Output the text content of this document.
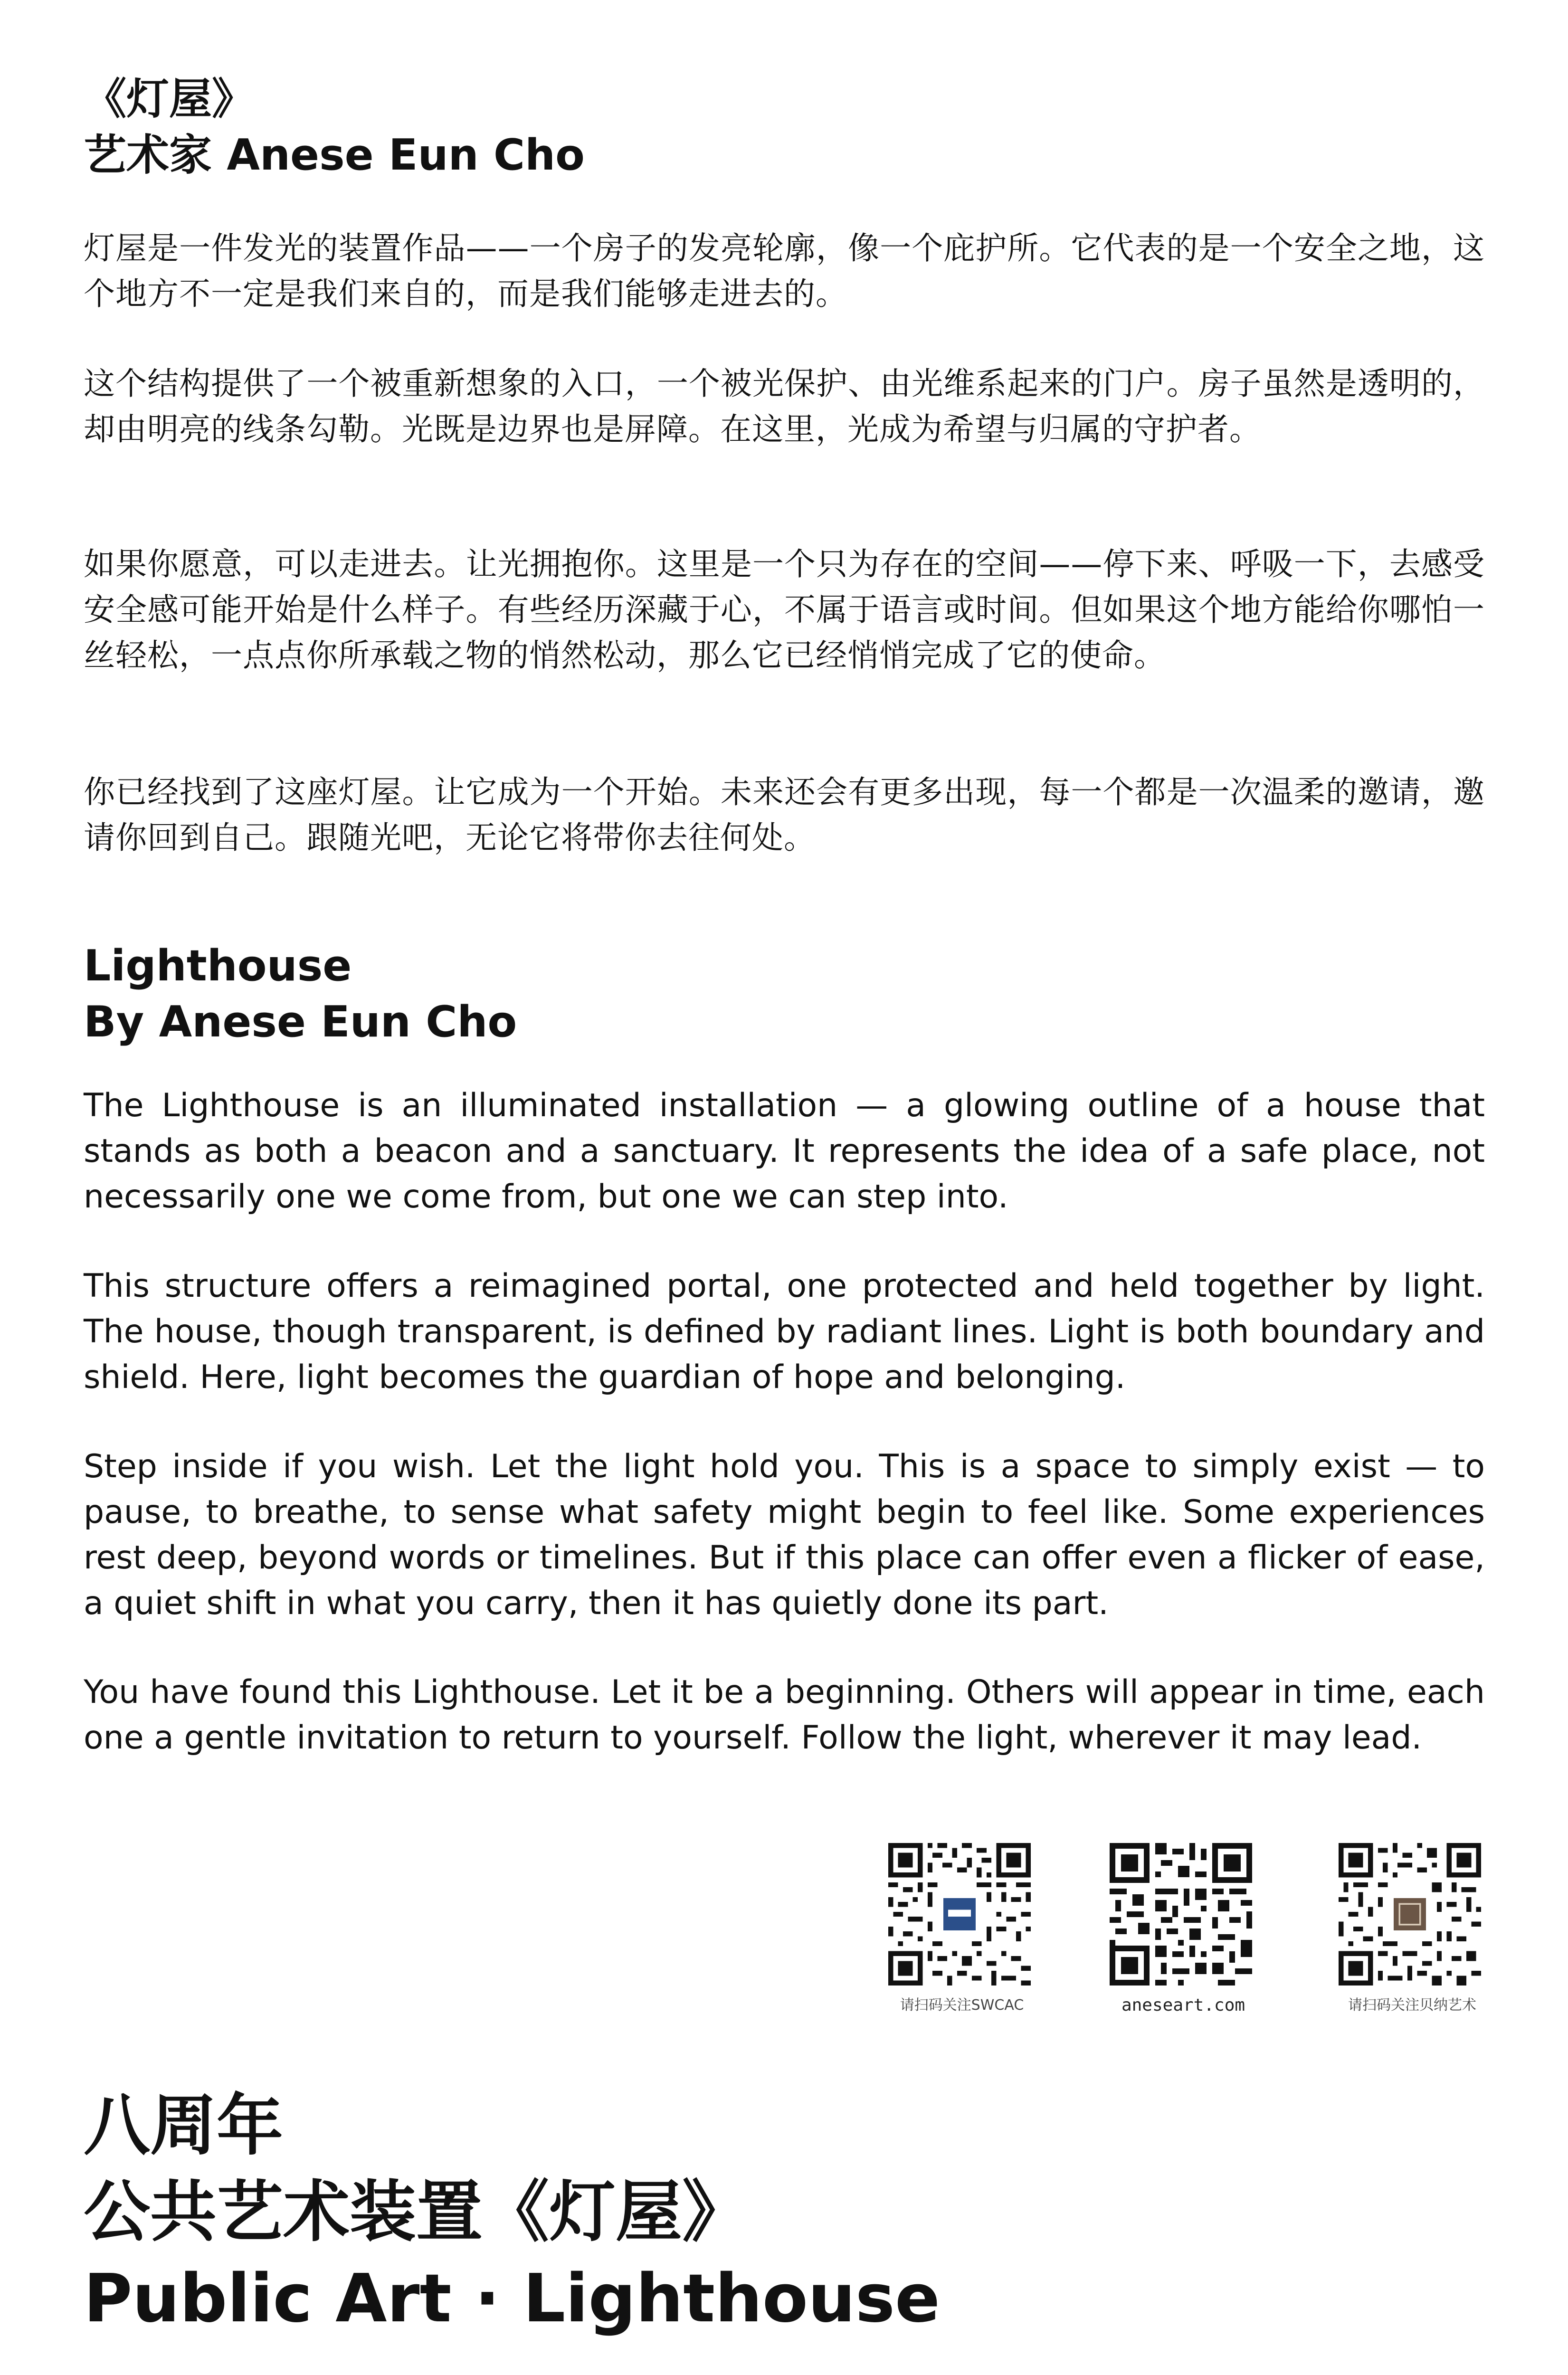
《灯屋》

艺术家 Anese Eun Cho

灯屋是一件发光的装置作品——一个房子的发亮轮廓，像一个庇护所。它代表的是一个安全之地，这个地方不一定是我们来自的，而是我们能够走进去的。

这个结构提供了一个被重新想象的入口，一个被光保护、由光维系起来的门户。房子虽然是透明的，却由明亮的线条勾勒。光既是边界也是屏障。在这里，光成为希望与归属的守护者。

如果你愿意，可以走进去。让光拥抱你。这里是一个只为存在的空间——停下来、呼吸一下，去感受安全感可能开始是什么样子。有些经历深藏于心，不属于语言或时间。但如果这个地方能给你哪怕一丝轻松，一点点你所承载之物的悄然松动，那么它已经悄悄完成了它的使命。

你已经找到了这座灯屋。让它成为一个开始。未来还会有更多出现，每一个都是一次温柔的邀请，邀请你回到自己。跟随光吧，无论它将带你去往何处。

Lighthouse

By Anese Eun Cho

The Lighthouse is an illuminated installation — a glowing outline of a house that stands as both a beacon and a sanctuary. It represents the idea of a safe place, not necessarily one we come from, but one we can step into.

This structure offers a reimagined portal, one protected and held together by light. The house, though transparent, is defined by radiant lines. Light is both boundary and shield. Here, light becomes the guardian of hope and belonging.

Step inside if you wish. Let the light hold you. This is a space to simply exist — to pause, to breathe, to sense what safety might begin to feel like. Some experiences rest deep, beyond words or timelines. But if this place can offer even a flicker of ease, a quiet shift in what you carry, then it has quietly done its part.

You have found this Lighthouse. Let it be a beginning. Others will appear in time, each one a gentle invitation to return to yourself. Follow the light, wherever it may lead.

请扫码关注SWCAC	aneseart.com	请扫码关注贝纳艺术

八周年

公共艺术装置《灯屋》

Public Art · Lighthouse
